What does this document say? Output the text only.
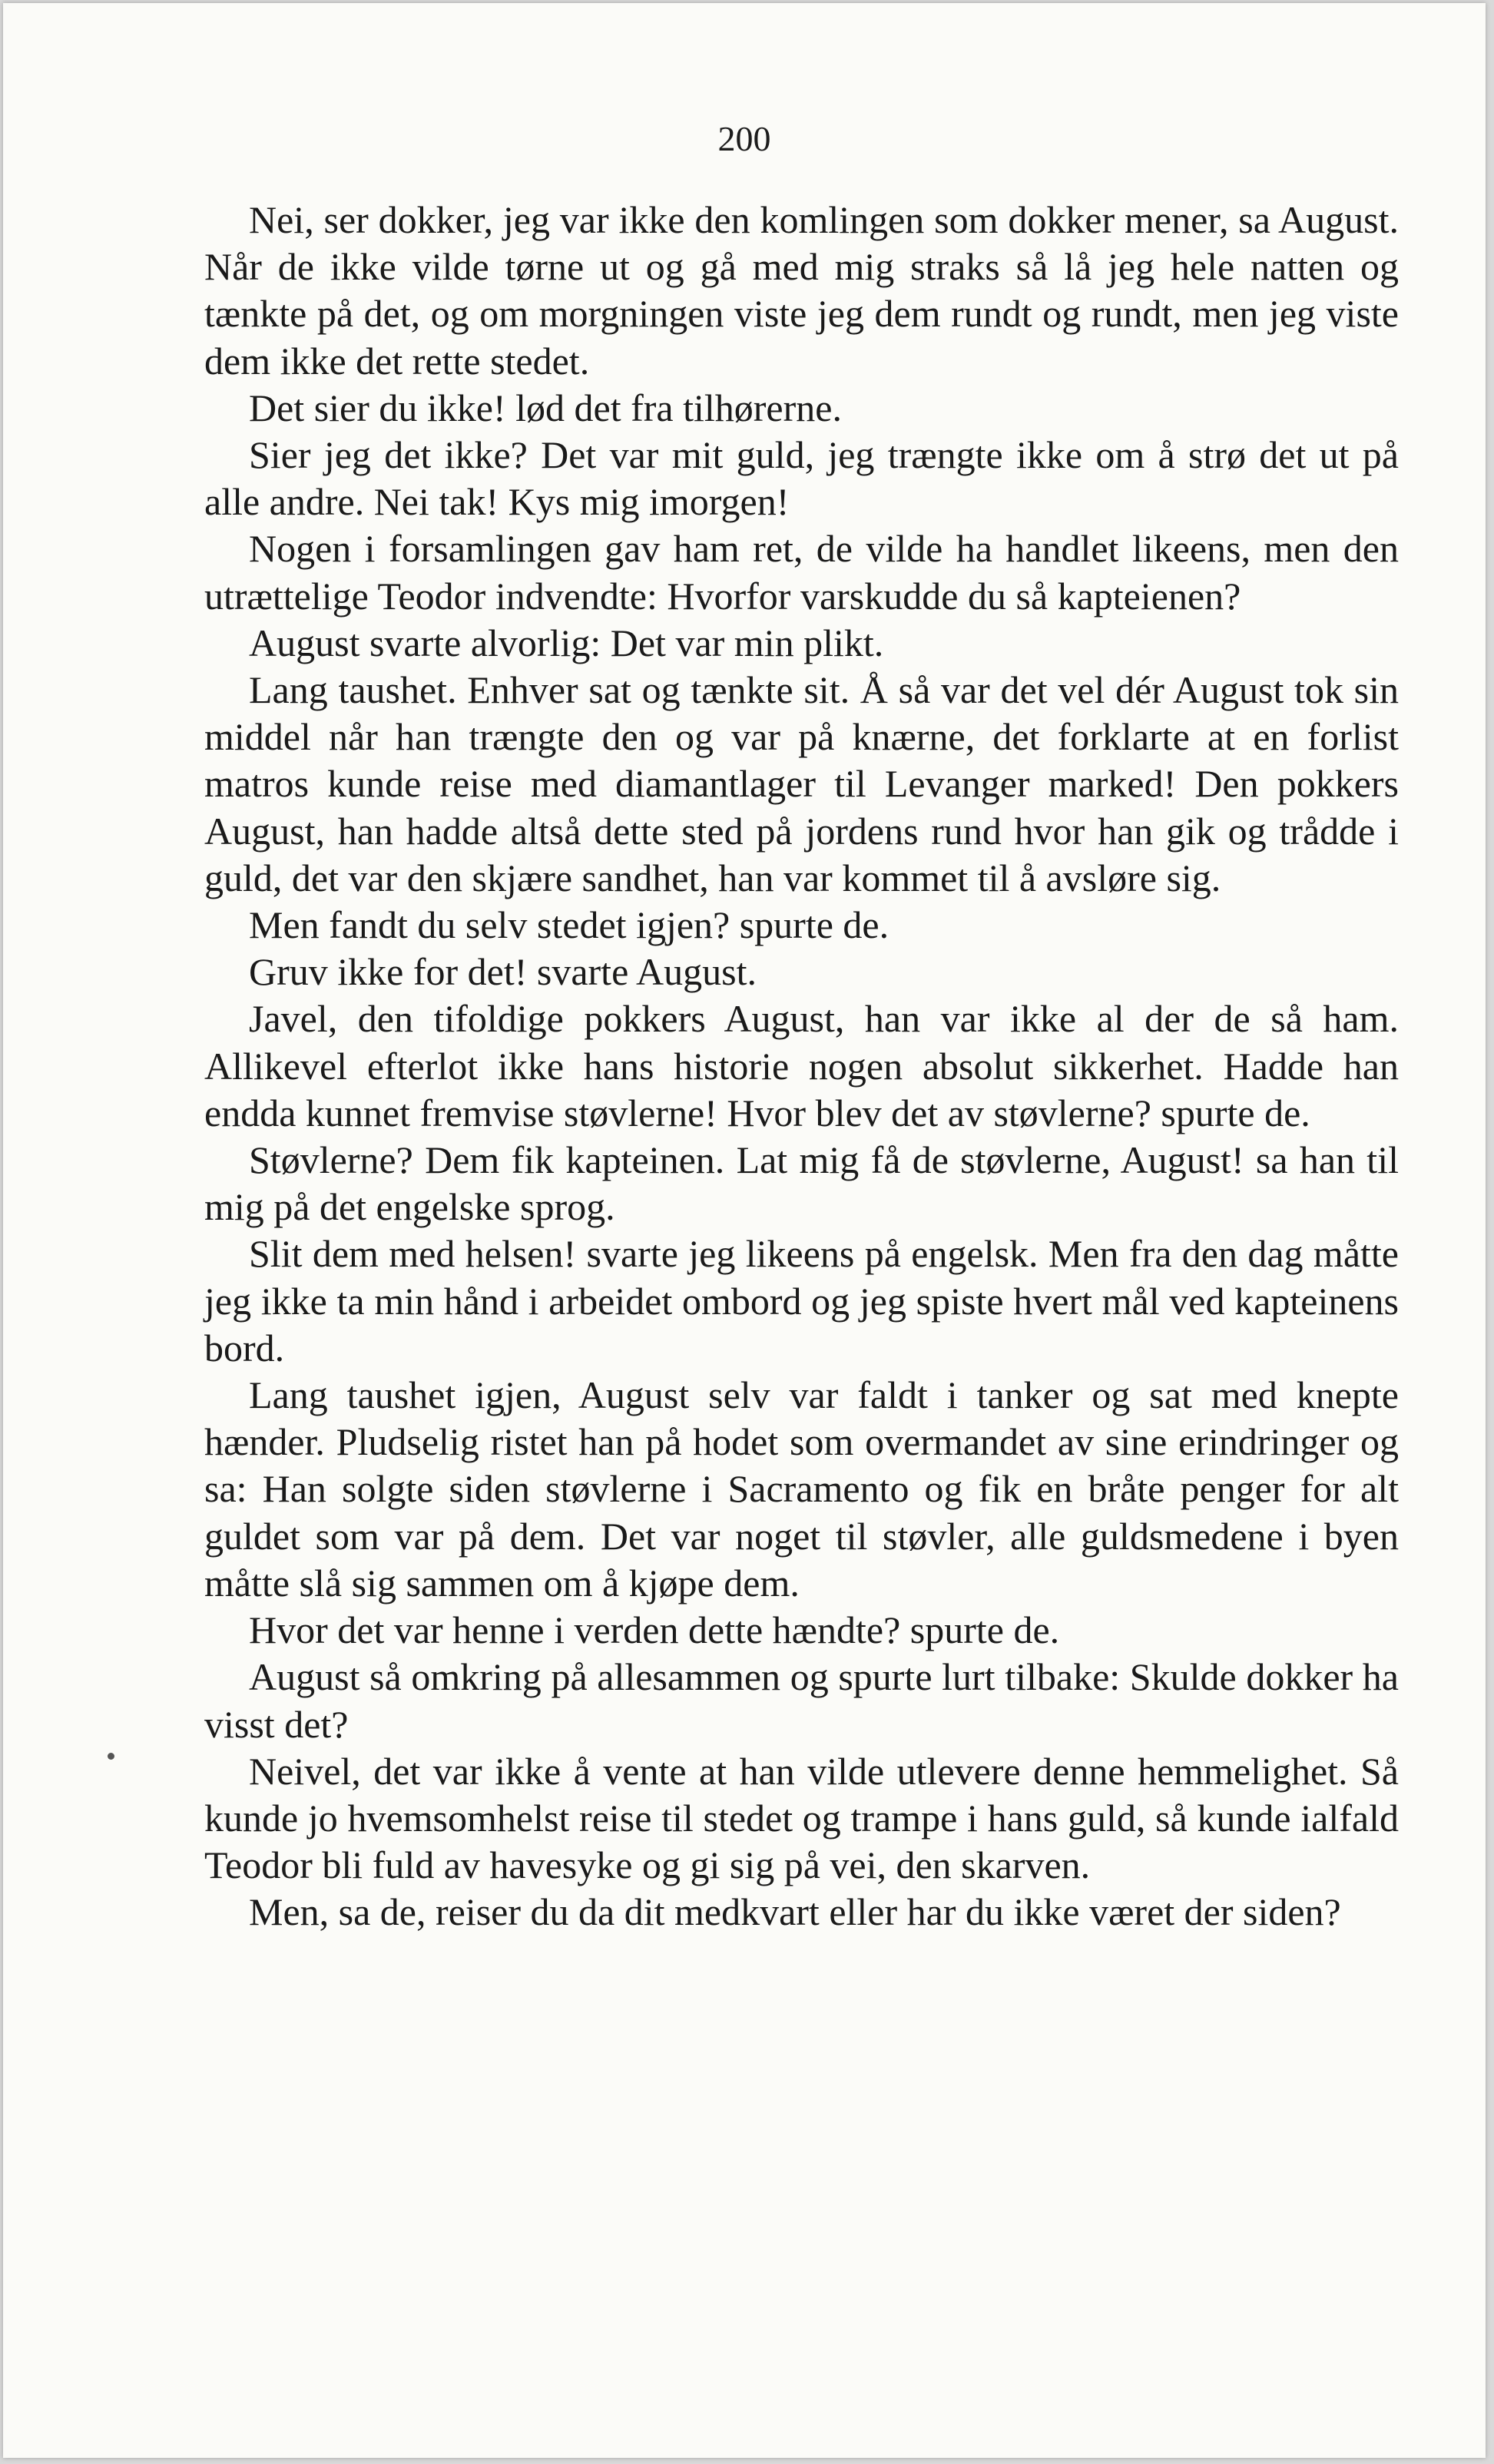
200

Nei, ser dokker, jeg var ikke den komlingen som dokker mener, sa August. Når de ikke vilde tørne ut og gå med mig straks så lå jeg hele natten og tænkte på det, og om morgningen viste jeg dem rundt og rundt, men jeg viste dem ikke det rette stedet.

Det sier du ikke! lød det fra tilhørerne.

Sier jeg det ikke? Det var mit guld, jeg trængte ikke om å strø det ut på alle andre. Nei tak! Kys mig imorgen!

Nogen i forsamlingen gav ham ret, de vilde ha handlet likeens, men den utrættelige Teodor indvendte: Hvorfor varskudde du så kapteienen?

August svarte alvorlig: Det var min plikt.

Lang taushet. Enhver sat og tænkte sit. Å så var det vel dér August tok sin middel når han trængte den og var på knærne, det forklarte at en forlist matros kunde reise med diamantlager til Levanger marked! Den pokkers August, han hadde altså dette sted på jordens rund hvor han gik og trådde i guld, det var den skjære sandhet, han var kommet til å avsløre sig.

Men fandt du selv stedet igjen? spurte de.

Gruv ikke for det! svarte August.

Javel, den tifoldige pokkers August, han var ikke al der de så ham. Allikevel efterlot ikke hans historie nogen absolut sikkerhet. Hadde han endda kunnet fremvise støvlerne! Hvor blev det av støvlerne? spurte de.

Støvlerne? Dem fik kapteinen. Lat mig få de støvlerne, August! sa han til mig på det engelske sprog.

Slit dem med helsen! svarte jeg likeens på engelsk. Men fra den dag måtte jeg ikke ta min hånd i arbeidet ombord og jeg spiste hvert mål ved kapteinens bord.

Lang taushet igjen, August selv var faldt i tanker og sat med knepte hænder. Pludselig ristet han på hodet som overmandet av sine erindringer og sa: Han solgte siden støvlerne i Sacramento og fik en bråte penger for alt guldet som var på dem. Det var noget til støvler, alle guldsmedene i byen måtte slå sig sammen om å kjøpe dem.

Hvor det var henne i verden dette hændte? spurte de.

August så omkring på allesammen og spurte lurt tilbake: Skulde dokker ha visst det?

Neivel, det var ikke å vente at han vilde utlevere denne hemmelighet. Så kunde jo hvemsomhelst reise til stedet og trampe i hans guld, så kunde ialfald Teodor bli fuld av havesyke og gi sig på vei, den skarven.

Men, sa de, reiser du da dit medkvart eller har du ikke været der siden?
